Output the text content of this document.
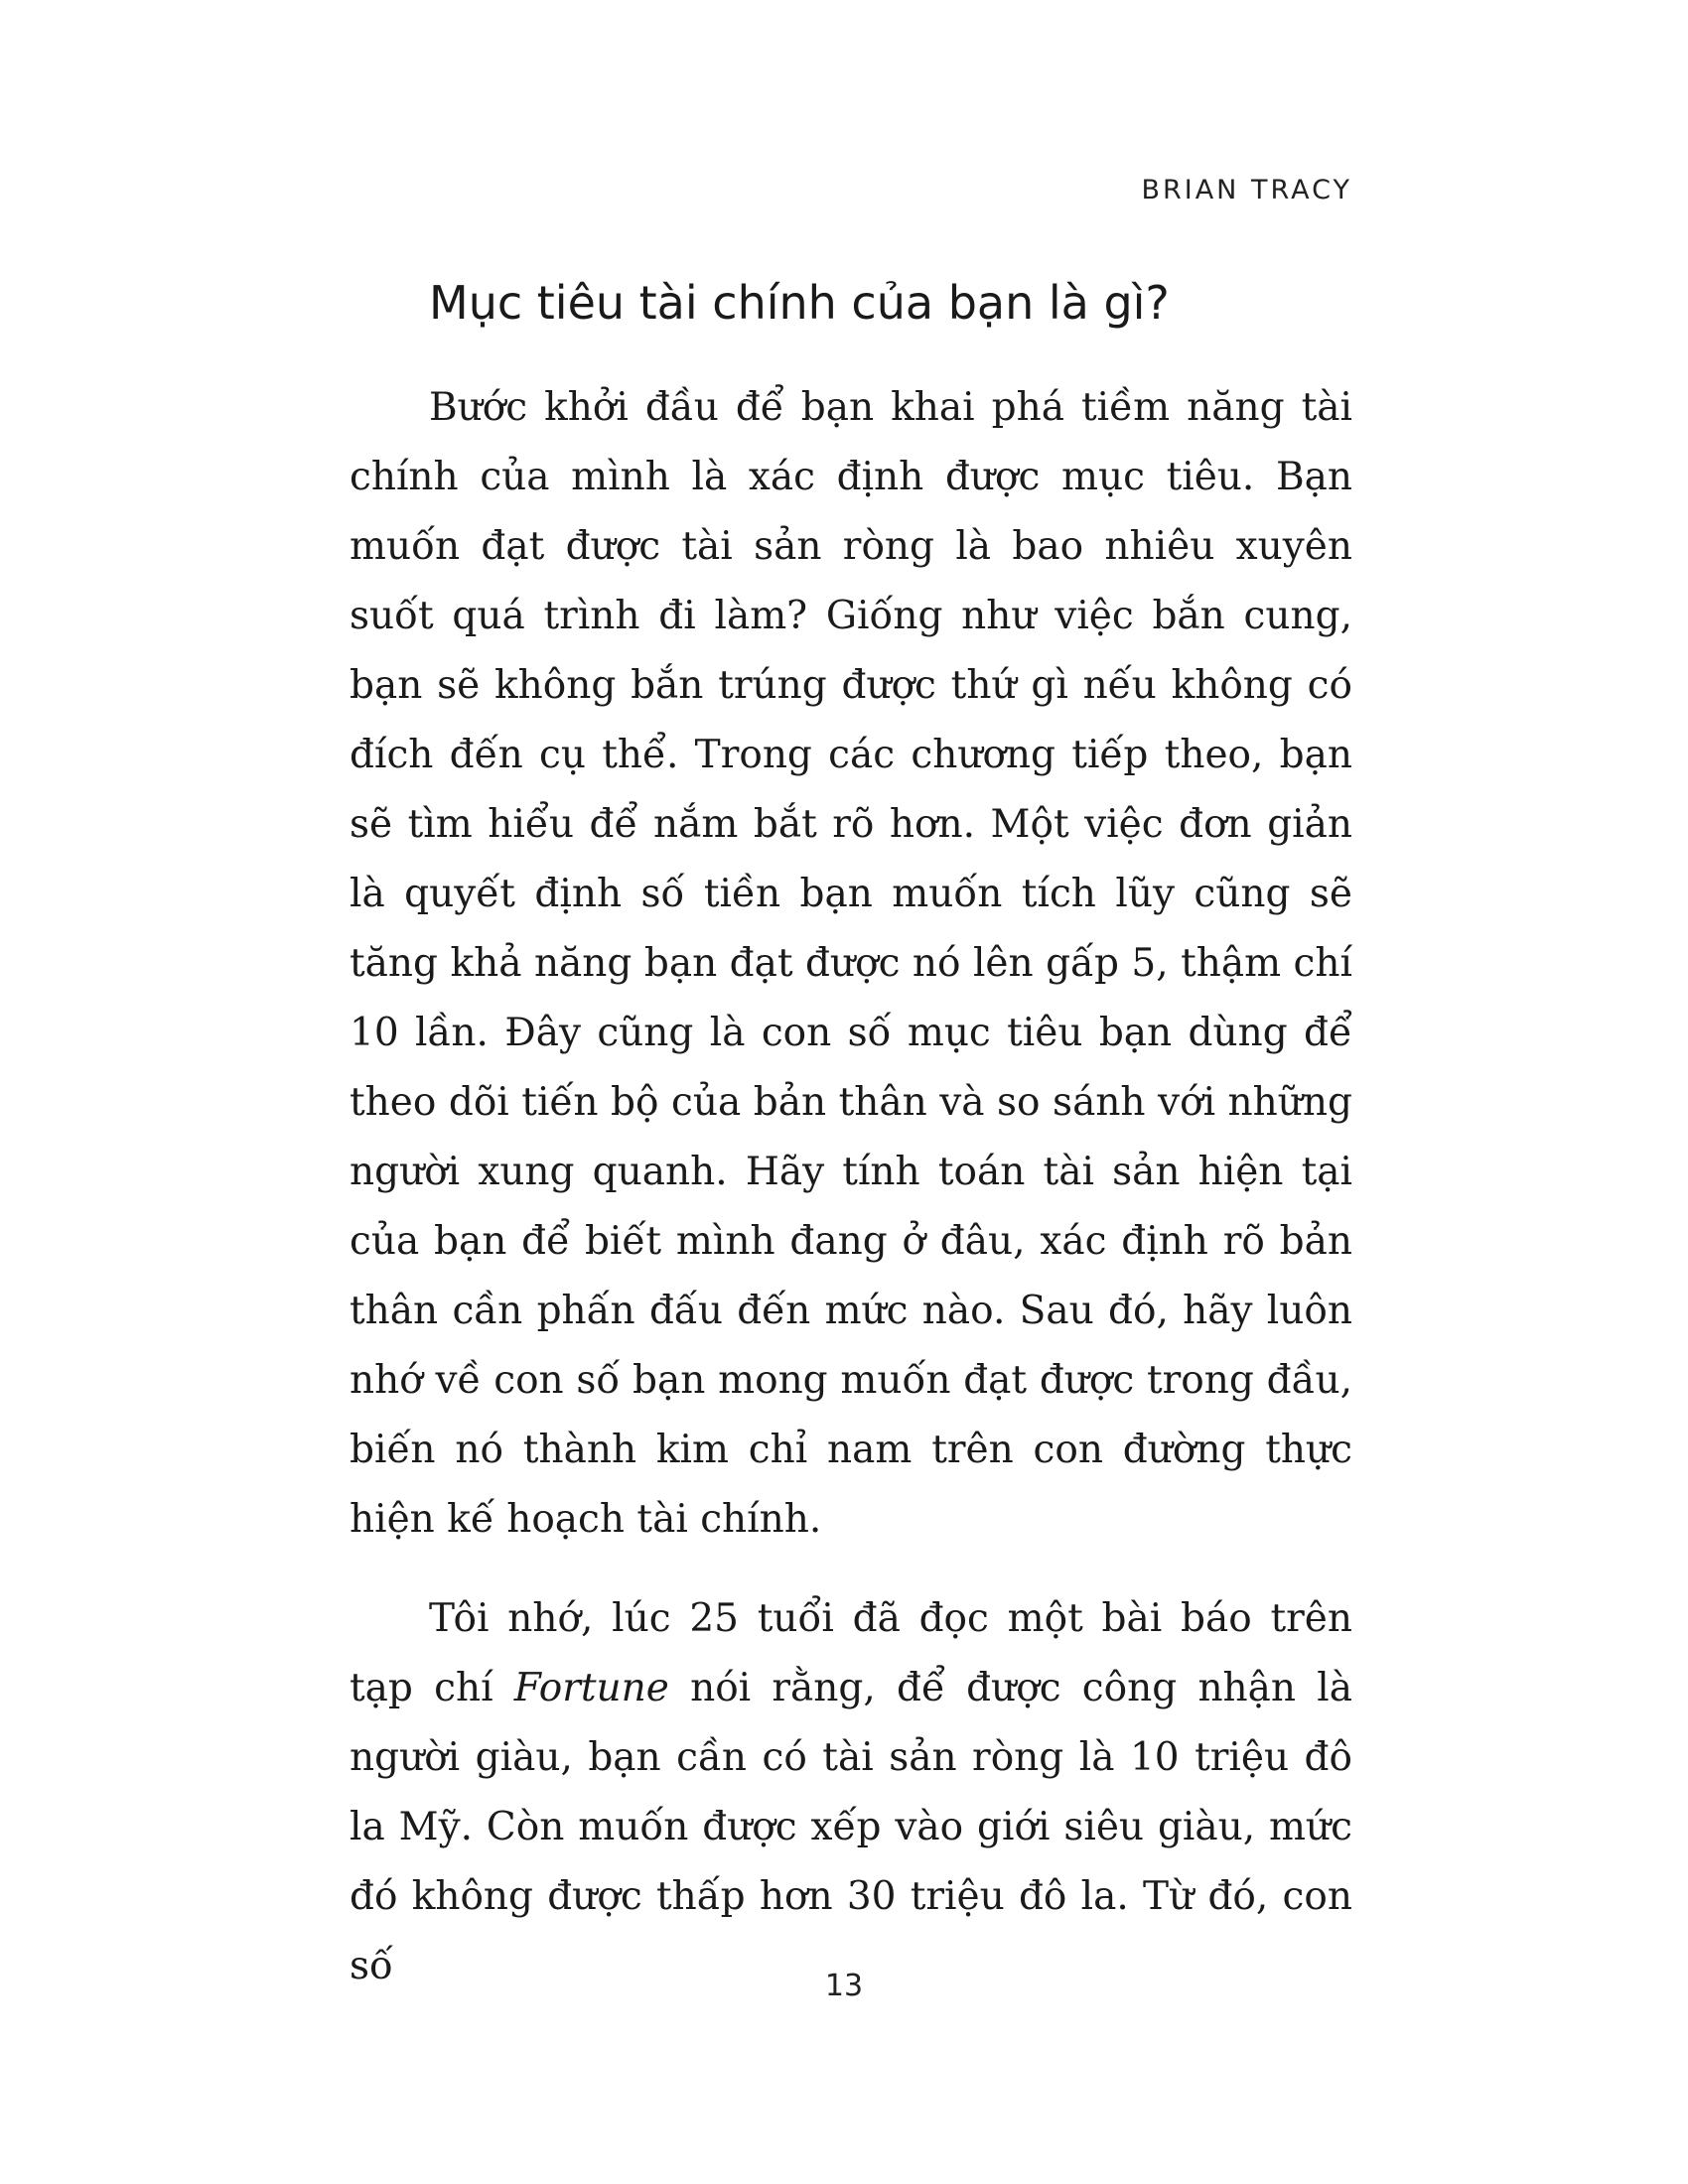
BRIAN TRACY
Mục tiêu tài chính của bạn là gì?

Bước khởi đầu để bạn khai phá tiềm năng tài chính của mình là xác định được mục tiêu. Bạn muốn đạt được tài sản ròng là bao nhiêu xuyên suốt quá trình đi làm? Giống như việc bắn cung, bạn sẽ không bắn trúng được thứ gì nếu không có đích đến cụ thể. Trong các chương tiếp theo, bạn sẽ tìm hiểu để nắm bắt rõ hơn. Một việc đơn giản là quyết định số tiền bạn muốn tích lũy cũng sẽ tăng khả năng bạn đạt được nó lên gấp 5, thậm chí 10 lần. Đây cũng là con số mục tiêu bạn dùng để theo dõi tiến bộ của bản thân và so sánh với những người xung quanh. Hãy tính toán tài sản hiện tại của bạn để biết mình đang ở đâu, xác định rõ bản thân cần phấn đấu đến mức nào. Sau đó, hãy luôn nhớ về con số bạn mong muốn đạt được trong đầu, biến nó thành kim chỉ nam trên con đường thực hiện kế hoạch tài chính.

Tôi nhớ, lúc 25 tuổi đã đọc một bài báo trên tạp chí Fortune nói rằng, để được công nhận là người giàu, bạn cần có tài sản ròng là 10 triệu đô la Mỹ. Còn muốn được xếp vào giới siêu giàu, mức đó không được thấp hơn 30 triệu đô la. Từ đó, con số	13
